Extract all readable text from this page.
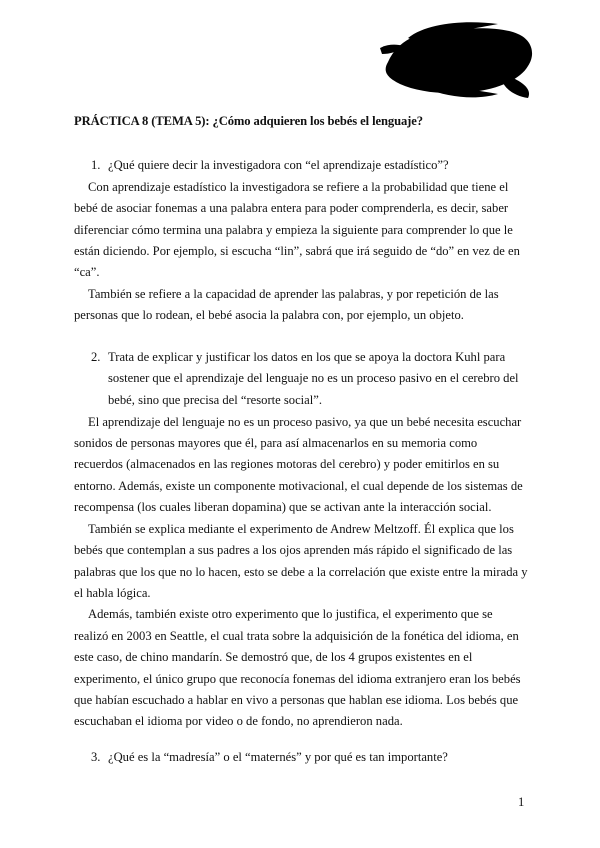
PRÁCTICA 8 (TEMA 5): ¿Cómo adquieren los bebés el lenguaje?
1. ¿Qué quiere decir la investigadora con “el aprendizaje estadístico”?

Con aprendizaje estadístico la investigadora se refiere a la probabilidad que tiene el bebé de asociar fonemas a una palabra entera para poder comprenderla, es decir, saber diferenciar cómo termina una palabra y empieza la siguiente para comprender lo que le están diciendo. Por ejemplo, si escucha “lin”, sabrá que irá seguido de “do” en vez de en “ca”.

También se refiere a la capacidad de aprender las palabras, y por repetición de las personas que lo rodean, el bebé asocia la palabra con, por ejemplo, un objeto.

2. Trata de explicar y justificar los datos en los que se apoya la doctora Kuhl para sostener que el aprendizaje del lenguaje no es un proceso pasivo en el cerebro del bebé, sino que precisa del “resorte social”.

El aprendizaje del lenguaje no es un proceso pasivo, ya que un bebé necesita escuchar sonidos de personas mayores que él, para así almacenarlos en su memoria como recuerdos (almacenados en las regiones motoras del cerebro) y poder emitirlos en su entorno. Además, existe un componente motivacional, el cual depende de los sistemas de recompensa (los cuales liberan dopamina) que se activan ante la interacción social.

También se explica mediante el experimento de Andrew Meltzoff. Él explica que los bebés que contemplan a sus padres a los ojos aprenden más rápido el significado de las palabras que los que no lo hacen, esto se debe a la correlación que existe entre la mirada y el habla lógica.

Además, también existe otro experimento que lo justifica, el experimento que se realizó en 2003 en Seattle, el cual trata sobre la adquisición de la fonética del idioma, en este caso, de chino mandarín. Se demostró que, de los 4 grupos existentes en el experimento, el único grupo que reconocía fonemas del idioma extranjero eran los bebés que habían escuchado a hablar en vivo a personas que hablan ese idioma. Los bebés que escuchaban el idioma por video o de fondo, no aprendieron nada.

3. ¿Qué es la “madresía” o el “maternés” y por qué es tan importante?
1
